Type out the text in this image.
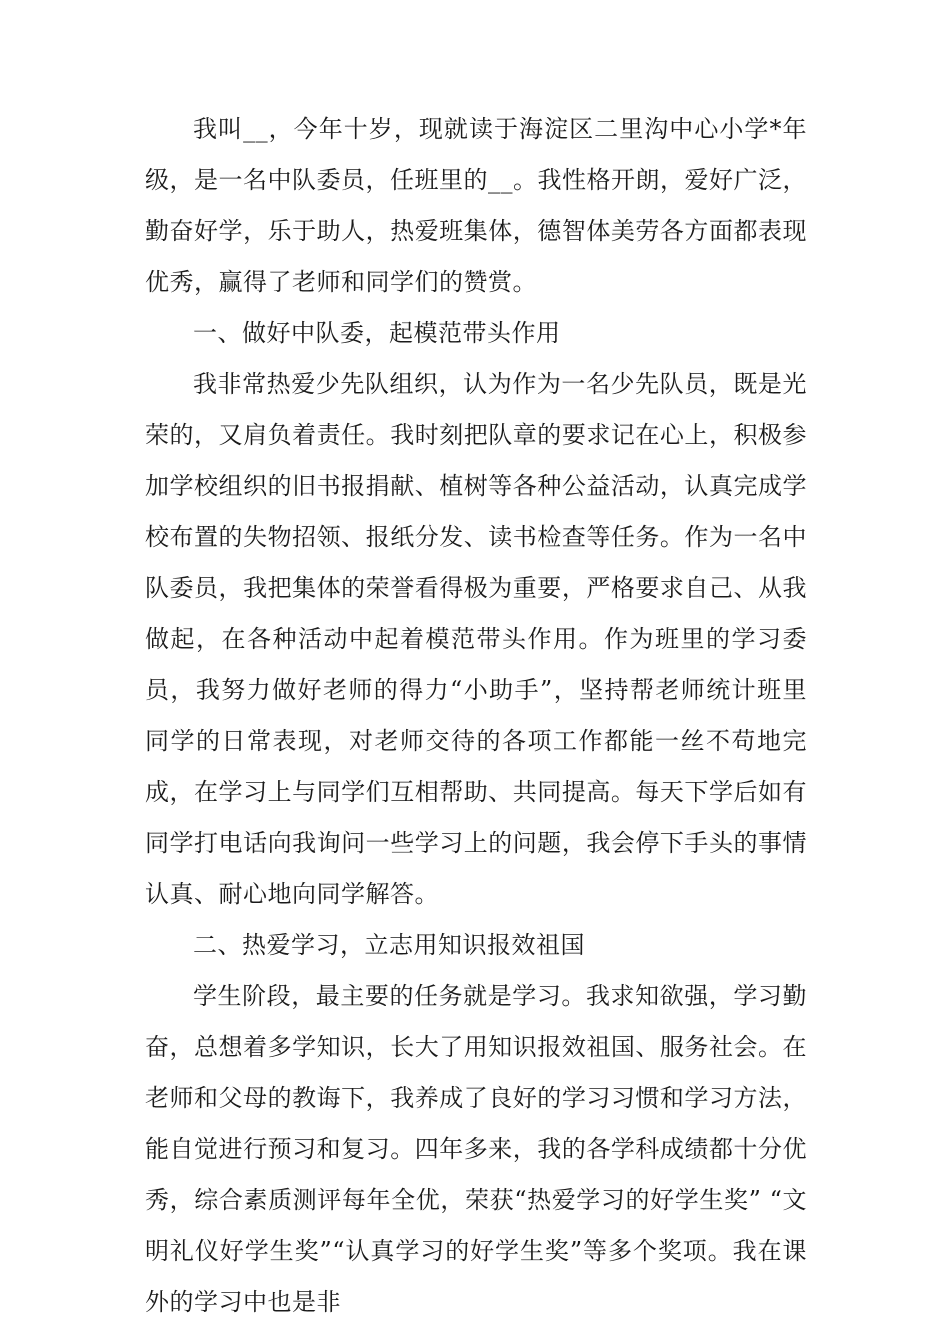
我叫__，今年十岁，现就读于海淀区二里沟中心小学*年级，是一名中队委员，任班里的__。我性格开朗，爱好广泛，勤奋好学，乐于助人，热爱班集体，德智体美劳各方面都表现优秀，赢得了老师和同学们的赞赏。

一、做好中队委，起模范带头作用

我非常热爱少先队组织，认为作为一名少先队员，既是光荣的，又肩负着责任。我时刻把队章的要求记在心上，积极参加学校组织的旧书报捐献、植树等各种公益活动，认真完成学校布置的失物招领、报纸分发、读书检查等任务。作为一名中队委员，我把集体的荣誉看得极为重要，严格要求自己、从我做起，在各种活动中起着模范带头作用。作为班里的学习委员，我努力做好老师的得力“小助手”，坚持帮老师统计班里同学的日常表现，对老师交待的各项工作都能一丝不苟地完成，在学习上与同学们互相帮助、共同提高。每天下学后如有同学打电话向我询问一些学习上的问题，我会停下手头的事情认真、耐心地向同学解答。

二、热爱学习，立志用知识报效祖国

学生阶段，最主要的任务就是学习。我求知欲强，学习勤奋，总想着多学知识，长大了用知识报效祖国、服务社会。在老师和父母的教诲下，我养成了良好的学习习惯和学习方法，能自觉进行预习和复习。四年多来，我的各学科成绩都十分优秀，综合素质测评每年全优，荣获“热爱学习的好学生奖” “文明礼仪好学生奖”“认真学习的好学生奖”等多个奖项。我在课外的学习中也是非
